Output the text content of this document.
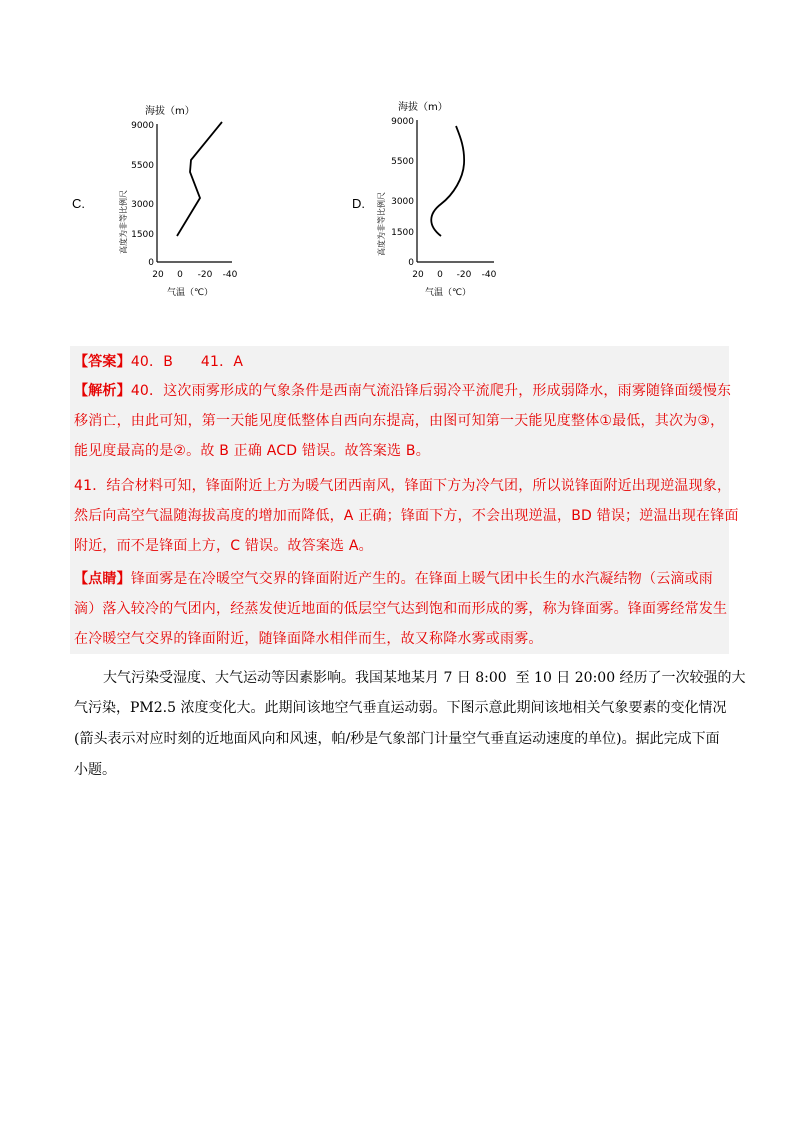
C.
海拔（m）
高度为非等比例尺
9000
5500
3000
1500
0
20 0 -20 -40
气温（℃）
D.
海拔（m）
高度为非等比例尺
9000
5500
3000
1500
0
20 0 -20 -40
气温（℃）
【答案】40．B      41．A
【解析】40．这次雨雾形成的气象条件是西南气流沿锋后弱冷平流爬升，形成弱降水，雨雾随锋面缓慢东
移消亡，由此可知，第一天能见度低整体自西向东提高，由图可知第一天能见度整体①最低，其次为③，
能见度最高的是②。故 B 正确 ACD 错误。故答案选 B。
41．结合材料可知，锋面附近上方为暖气团西南风，锋面下方为冷气团，所以说锋面附近出现逆温现象，
然后向高空气温随海拔高度的增加而降低，A 正确；锋面下方，不会出现逆温，BD 错误；逆温出现在锋面
附近，而不是锋面上方，C 错误。故答案选 A。
【点睛】锋面雾是在冷暖空气交界的锋面附近产生的。在锋面上暖气团中长生的水汽凝结物（云滴或雨
滴）落入较冷的气团内，经蒸发使近地面的低层空气达到饱和而形成的雾，称为锋面雾。锋面雾经常发生
在冷暖空气交界的锋面附近，随锋面降水相伴而生，故又称降水雾或雨雾。
大气污染受湿度、大气运动等因素影响。我国某地某月 7 日 8:00  至 10 日 20:00 经历了一次较强的大
气污染，PM2.5 浓度变化大。此期间该地空气垂直运动弱。下图示意此期间该地相关气象要素的变化情况
(箭头表示对应时刻的近地面风向和风速，帕/秒是气象部门计量空气垂直运动速度的单位)。据此完成下面
小题。
